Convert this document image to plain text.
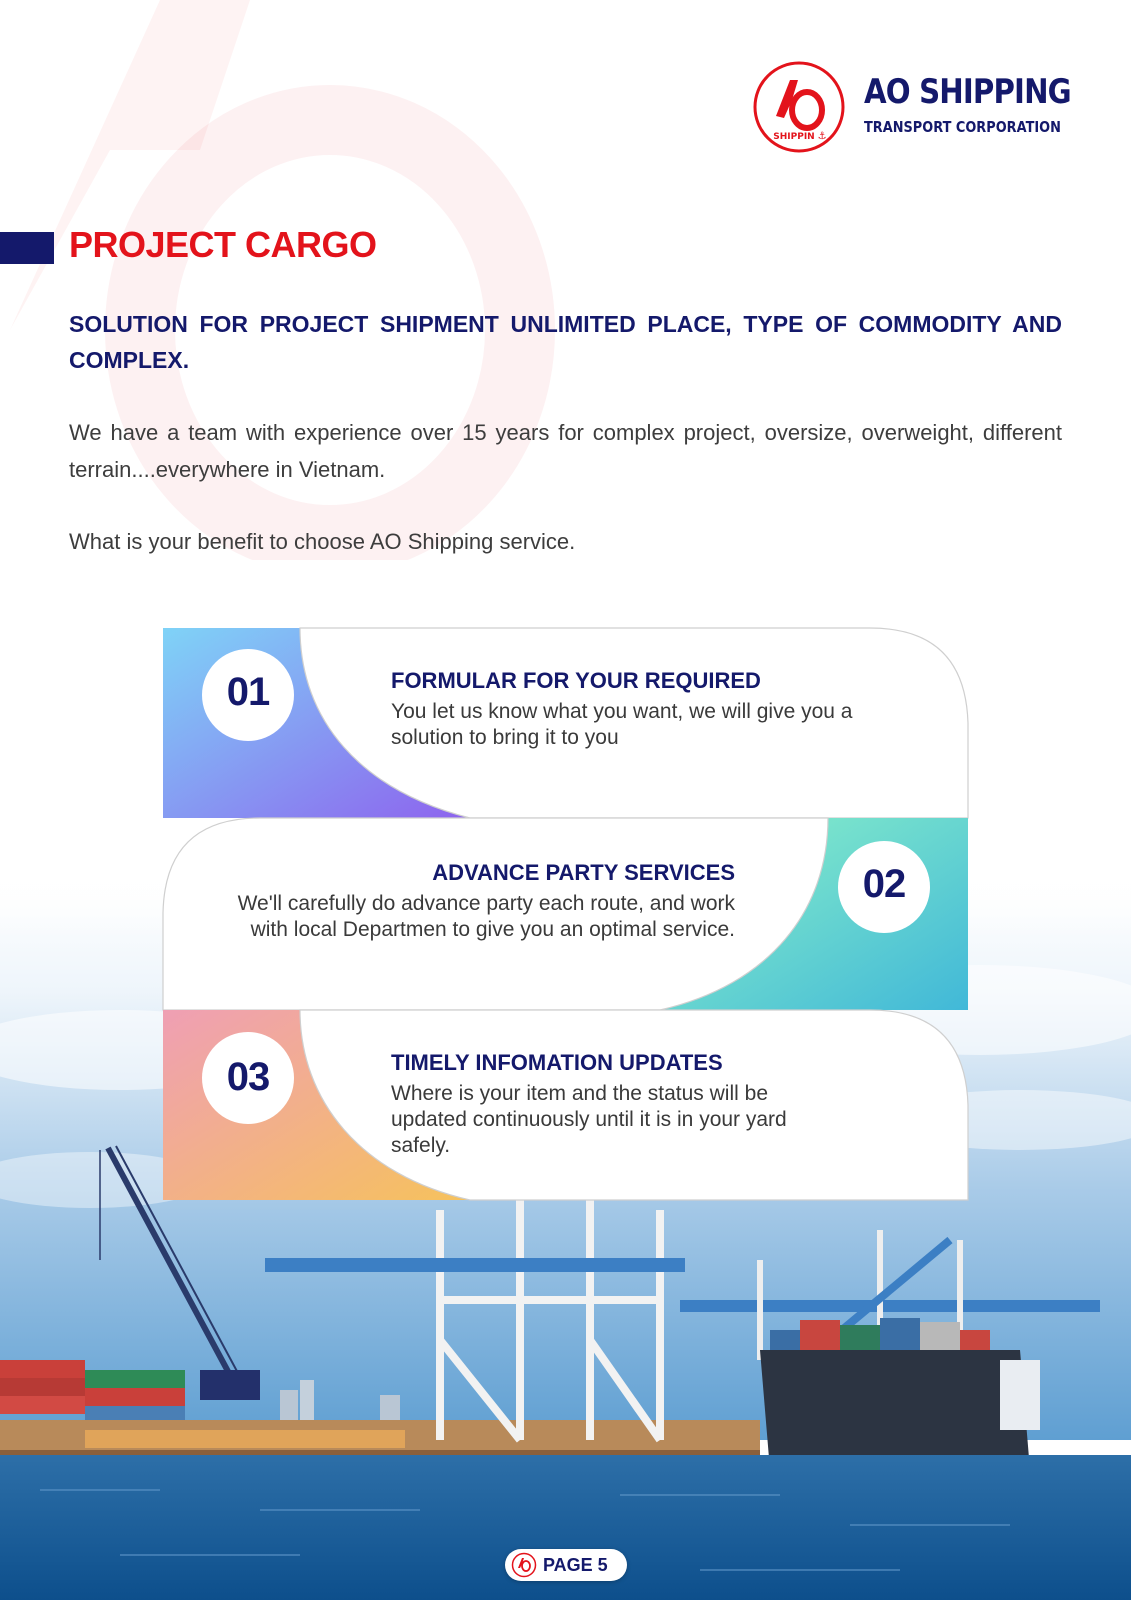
SHIPPIN ⚓
AO SHIPPING
TRANSPORT CORPORATION
PROJECT CARGO
SOLUTION FOR PROJECT SHIPMENT UNLIMITED PLACE, TYPE OF COMMODITY AND COMPLEX.
We have a team with experience over 15 years for complex project, oversize, overweight, different terrain....everywhere in Vietnam.
What is your benefit to choose AO Shipping service.
01	FORMULAR FOR YOUR REQUIRED
You let us know what you want, we will give you a solution to bring it to you
02
ADVANCE PARTY SERVICES
We'll carefully do advance party each route, and work with local Departmen to give you an optimal service.
03	TIMELY INFOMATION UPDATES
Where is your item and the status will be updated continuously until it is in your yard safely.
PAGE 5
